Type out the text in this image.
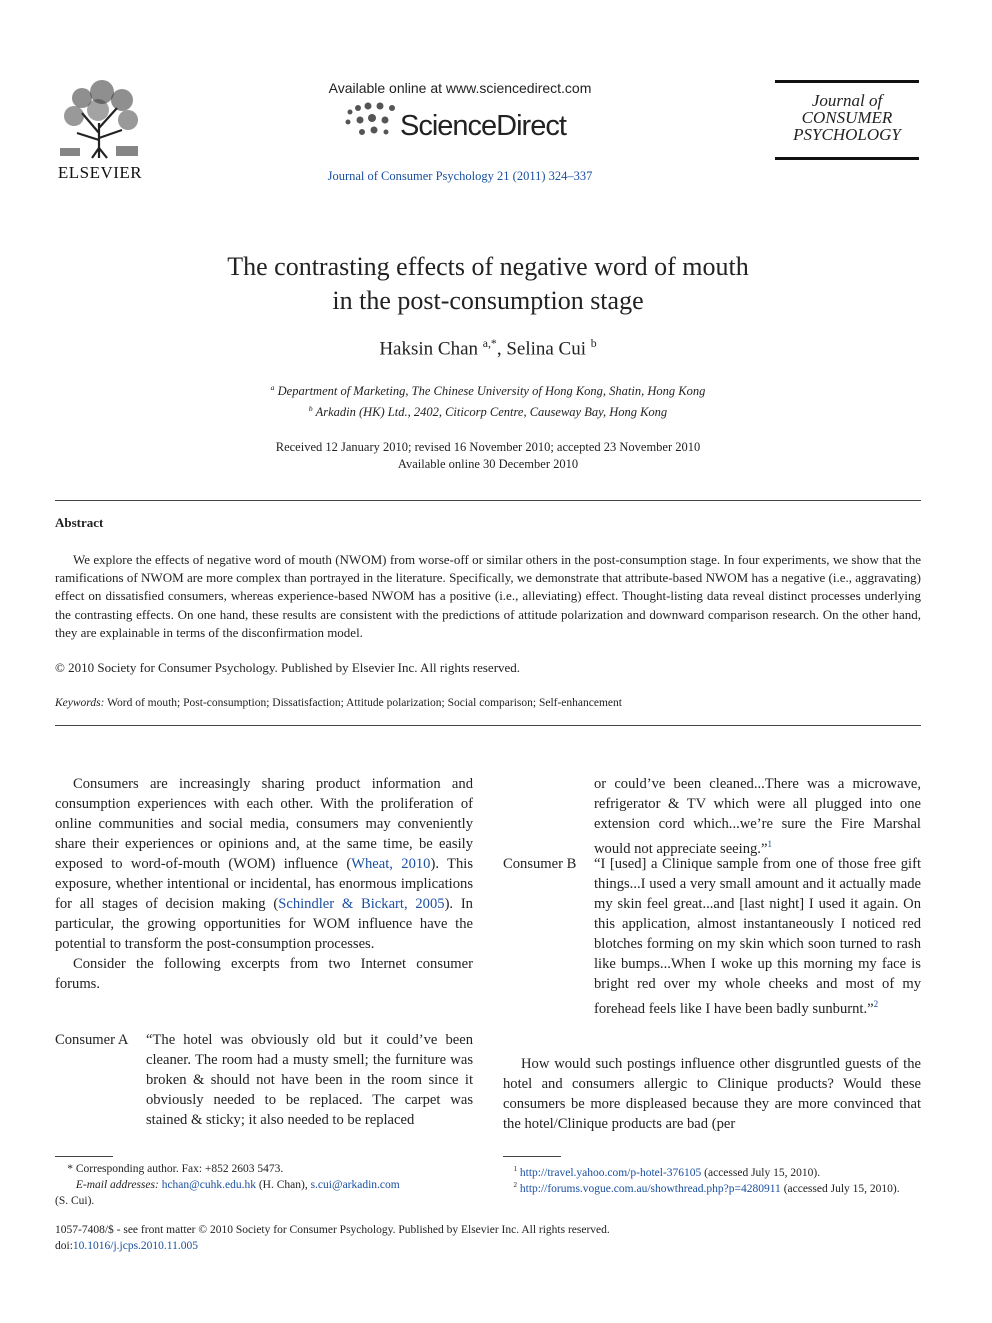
ELSEVIER
Available online at www.sciencedirect.com
ScienceDirect
Journal of Consumer Psychology 21 (2011) 324–337
Journal of
CONSUMER
PSYCHOLOGY
The contrasting effects of negative word of mouth
in the post-consumption stage
Haksin Chan $^{a,*}$, Selina Cui $^b$
$^a$ Department of Marketing, The Chinese University of Hong Kong, Shatin, Hong Kong
$^b$ Arkadin (HK) Ltd., 2402, Citicorp Centre, Causeway Bay, Hong Kong
Received 12 January 2010; revised 16 November 2010; accepted 23 November 2010
Available online 30 December 2010
Abstract
We explore the effects of negative word of mouth (NWOM) from worse-off or similar others in the post-consumption stage. In four experiments, we show that the ramifications of NWOM are more complex than portrayed in the literature. Specifically, we demonstrate that attribute-based NWOM has a negative (i.e., aggravating) effect on dissatisfied consumers, whereas experience-based NWOM has a positive (i.e., alleviating) effect. Thought-listing data reveal distinct processes underlying the contrasting effects. On one hand, these results are consistent with the predictions of attitude polarization and downward comparison research. On the other hand, they are explainable in terms of the disconfirmation model.
© 2010 Society for Consumer Psychology. Published by Elsevier Inc. All rights reserved.
Keywords: Word of mouth; Post-consumption; Dissatisfaction; Attitude polarization; Social comparison; Self-enhancement

Consumers are increasingly sharing product information and consumption experiences with each other. With the proliferation of online communities and social media, consumers may conveniently share their experiences or opinions and, at the same time, be easily exposed to word-of-mouth (WOM) influence (Wheat, 2010). This exposure, whether intentional or incidental, has enormous implications for all stages of decision making (Schindler & Bickart, 2005). In particular, the growing opportunities for WOM influence have the potential to transform the post-consumption processes.

Consider the following excerpts from two Internet consumer forums.

Consumer A “The hotel was obviously old but it could’ve been cleaner. The room had a musty smell; the furniture was broken & should not have been in the room since it obviously needed to be replaced. The carpet was stained & sticky; it also needed to be replaced
or could’ve been cleaned...There was a microwave, refrigerator & TV which were all plugged into one extension cord which...we’re sure the Fire Marshal would not appreciate seeing.”$^1$
Consumer B “I [used] a Clinique sample from one of those free gift things...I used a very small amount and it actually made my skin feel great...and [last night] I used it again. On this application, almost instantaneously I noticed red blotches forming on my skin which soon turned to rash like bumps...When I woke up this morning my face is bright red over my whole cheeks and most of my forehead feels like I have been badly sunburnt.”$^2$
How would such postings influence other disgruntled guests of the hotel and consumers allergic to Clinique products? Would these consumers be more displeased because they are more convinced that the hotel/Clinique products are bad (per
* Corresponding author. Fax: +852 2603 5473.
E-mail addresses: hchan@cuhk.edu.hk (H. Chan), s.cui@arkadin.com
(S. Cui).
$^1$ http://travel.yahoo.com/p-hotel-376105 (accessed July 15, 2010).
$^2$ http://forums.vogue.com.au/showthread.php?p=4280911 (accessed July 15, 2010).
1057-7408/$ - see front matter © 2010 Society for Consumer Psychology. Published by Elsevier Inc. All rights reserved.
doi:10.1016/j.jcps.2010.11.005
